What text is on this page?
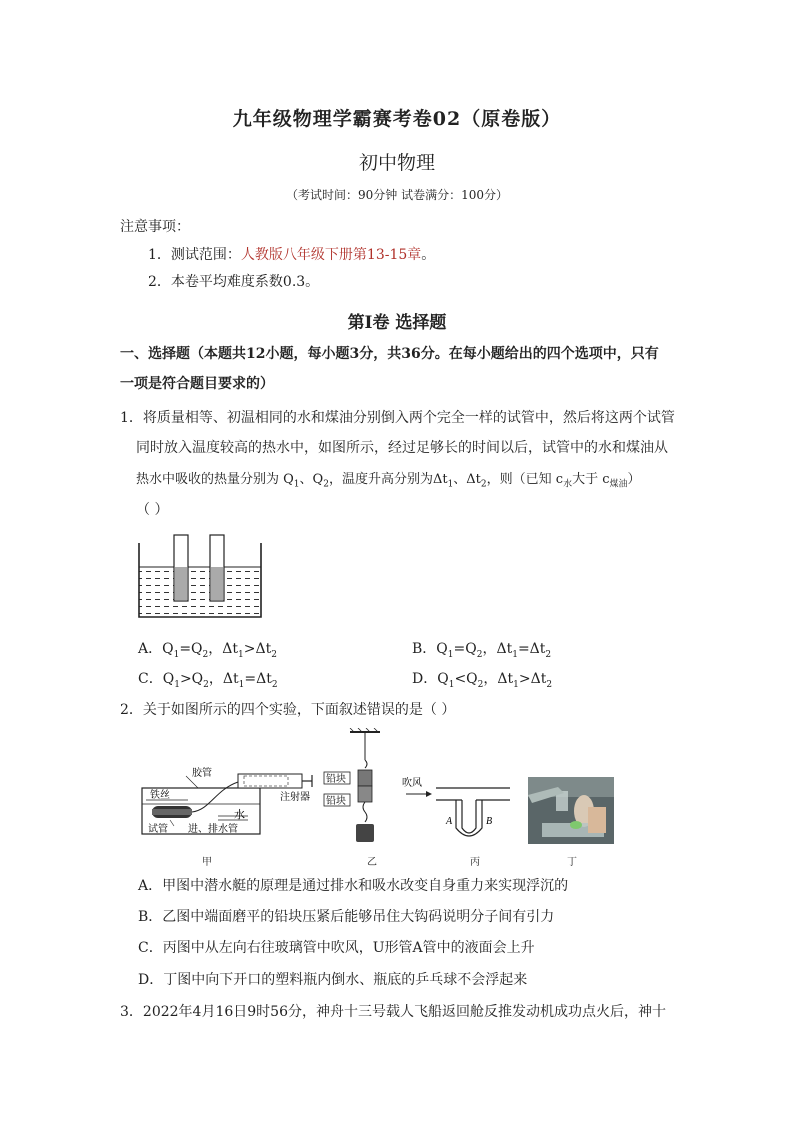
九年级物理学霸赛考卷02（原卷版）
初中物理
（考试时间：90分钟 试卷满分：100分）
注意事项：
1．测试范围：人教版八年级下册第13-15章。
2．本卷平均难度系数0.3。
第Ⅰ卷 选择题
一、选择题（本题共12小题，每小题3分，共36分。在每小题给出的四个选项中，只有
一项是符合题目要求的）
1．将质量相等、初温相同的水和煤油分别倒入两个完全一样的试管中，然后将这两个试管
同时放入温度较高的热水中，如图所示，经过足够长的时间以后，试管中的水和煤油从
热水中吸收的热量分别为 $Q_1$、$Q_2$，温度升高分别为$\Delta t_1$、$\Delta t_2$，则（已知 $c_水$大于 $c_{煤油}$）
（ ）
A．$Q_1=Q_2$，$\Delta t_1>\Delta t_2$	B．$Q_1=Q_2$，$\Delta t_1=\Delta t_2$
C．$Q_1>Q_2$，$\Delta t_1=\Delta t_2$	D．$Q_1<Q_2$，$\Delta t_1>\Delta t_2$
2．关于如图所示的四个实验，下面叙述错误的是（ ）
胶管
铁丝
水
注射器
试管 进、排水管
铅块
铅块
吹风
A	B
甲	乙	丙	丁
A．甲图中潜水艇的原理是通过排水和吸水改变自身重力来实现浮沉的
B．乙图中端面磨平的铅块压紧后能够吊住大钩码说明分子间有引力
C．丙图中从左向右往玻璃管中吹风，U形管A管中的液面会上升
D．丁图中向下开口的塑料瓶内倒水、瓶底的乒乓球不会浮起来
3．2022年4月16日9时56分，神舟十三号载人飞船返回舱反推发动机成功点火后，神十
